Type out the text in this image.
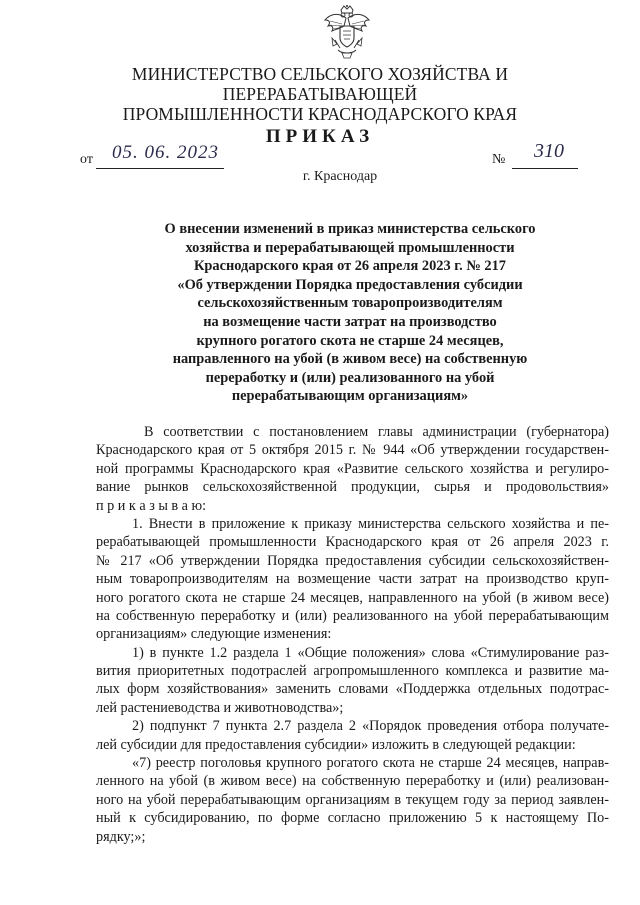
МИНИСТЕРСТВО СЕЛЬСКОГО ХОЗЯЙСТВА И ПЕРЕРАБАТЫВАЮЩЕЙ
ПРОМЫШЛЕННОСТИ КРАСНОДАРСКОГО КРАЯ
ПРИКАЗ
от 05. 06. 2023	№ 310
г. Краснодар
О внесении изменений в приказ министерства сельского
хозяйства и перерабатывающей промышленности
Краснодарского края от 26 апреля 2023 г. № 217
«Об утверждении Порядка предоставления субсидии
сельскохозяйственным товаропроизводителям
на возмещение части затрат на производство
крупного рогатого скота не старше 24 месяцев,
направленного на убой (в живом весе) на собственную
переработку и (или) реализованного на убой
перерабатывающим организациям»
В соответствии с постановлением главы администрации (губернатора)
Краснодарского края от 5 октября 2015 г. № 944 «Об утверждении государствен-
ной программы Краснодарского края «Развитие сельского хозяйства и регулиро-
вание рынков сельскохозяйственной продукции, сырья и продовольствия»
п р и к а з ы в а ю:
1. Внести в приложение к приказу министерства сельского хозяйства и пе-
рерабатывающей промышленности Краснодарского края от 26 апреля 2023 г.
№ 217 «Об утверждении Порядка предоставления субсидии сельскохозяйствен-
ным товаропроизводителям на возмещение части затрат на производство круп-
ного рогатого скота не старше 24 месяцев, направленного на убой (в живом весе)
на собственную переработку и (или) реализованного на убой перерабатывающим
организациям» следующие изменения:
1) в пункте 1.2 раздела 1 «Общие положения» слова «Стимулирование раз-
вития приоритетных подотраслей агропромышленного комплекса и развитие ма-
лых форм хозяйствования» заменить словами «Поддержка отдельных подотрас-
лей растениеводства и животноводства»;
2) подпункт 7 пункта 2.7 раздела 2 «Порядок проведения отбора получате-
лей субсидии для предоставления субсидии» изложить в следующей редакции:
«7) реестр поголовья крупного рогатого скота не старше 24 месяцев, направ-
ленного на убой (в живом весе) на собственную переработку и (или) реализован-
ного на убой перерабатывающим организациям в текущем году за период заявлен-
ный к субсидированию, по форме согласно приложению 5 к настоящему По-
рядку;»;
